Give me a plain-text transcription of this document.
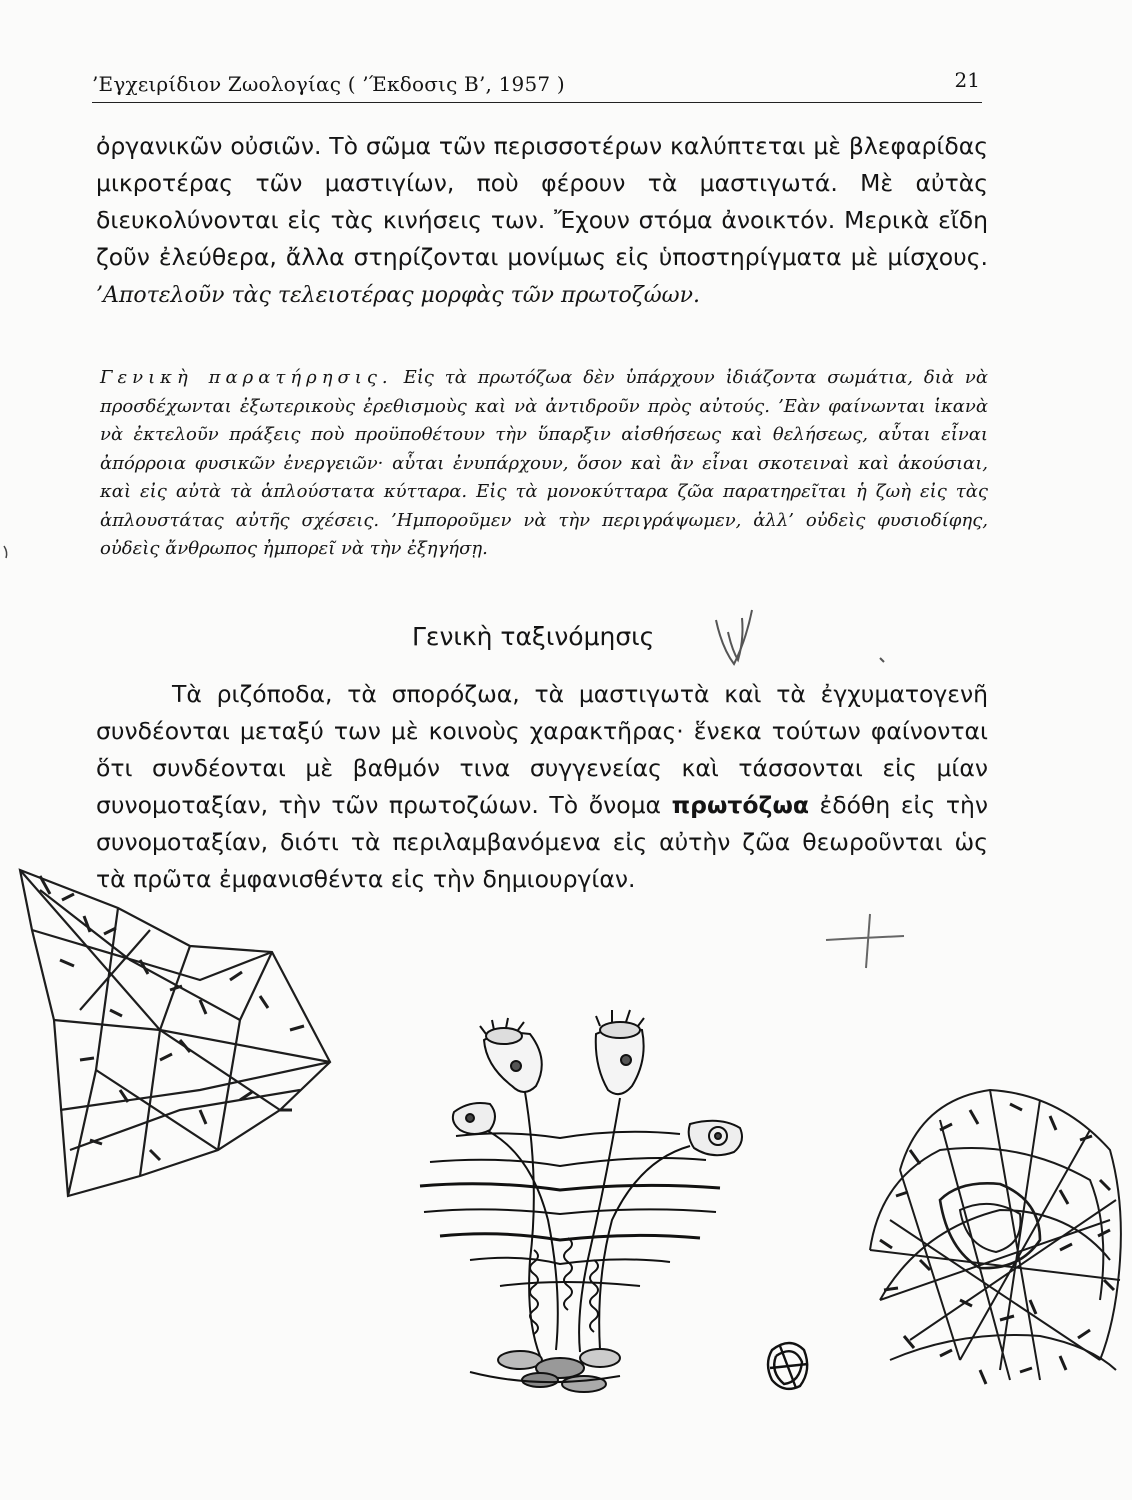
’Εγχειρίδιον Ζωολογίας ( ’Έκδοσις Β’, 1957 )	21

ὀργανικῶν οὐσιῶν. Τὸ σῶμα τῶν περισσοτέρων καλύπτεται μὲ βλεφαρίδας μικροτέρας τῶν μαστιγίων, ποὺ φέρουν τὰ μαστιγωτά. Μὲ αὐτὰς διευκολύνονται εἰς τὰς κινήσεις των. Ἔχουν στόμα ἀνοικτόν. Μερικὰ εἴδη ζοῦν ἐλεύθερα, ἄλλα στηρίζονται μονίμως εἰς ὑποστηρίγματα μὲ μίσχους. ’Αποτελοῦν τὰς τελειοτέρας μορφὰς τῶν πρωτοζώων.

Γενικὴ παρατήρησις. Εἰς τὰ πρωτόζωα δὲν ὑπάρχουν ἰδιάζοντα σωμάτια, διὰ νὰ προσδέχωνται ἐξωτερικοὺς ἐρεθισμοὺς καὶ νὰ ἀντιδροῦν πρὸς αὐτούς. ’Εὰν φαίνωνται ἱκανὰ νὰ ἐκτελοῦν πράξεις ποὺ προϋποθέτουν τὴν ὕπαρξιν αἰσθήσεως καὶ θελήσεως, αὗται εἶναι ἀπόρροια φυσικῶν ἐνεργειῶν· αὗται ἐνυπάρχουν, ὅσον καὶ ἂν εἶναι σκοτειναὶ καὶ ἀκούσιαι, καὶ εἰς αὐτὰ τὰ ἁπλούστατα κύτταρα. Εἰς τὰ μονοκύτταρα ζῶα παρατηρεῖται ἡ ζωὴ εἰς τὰς ἁπλουστάτας αὐτῆς σχέσεις. ’Ημποροῦμεν νὰ τὴν περιγράψωμεν, ἀλλ’ οὐδεὶς φυσιοδίφης, οὐδεὶς ἄνθρωπος ἠμπορεῖ νὰ τὴν ἐξηγήσῃ.
Γενικὴ ταξινόμησις

Τὰ ριζόποδα, τὰ σπορόζωα, τὰ μαστιγωτὰ καὶ τὰ ἐγχυματογενῆ συνδέονται μεταξύ των μὲ κοινοὺς χαρακτῆρας· ἕνεκα τούτων φαίνονται ὅτι συνδέονται μὲ βαθμόν τινα συγγενείας καὶ τάσσονται εἰς μίαν συνομοταξίαν, τὴν τῶν πρωτοζώων. Τὸ ὄνομα πρωτόζωα ἐδόθη εἰς τὴν συνομοταξίαν, διότι τὰ περιλαμβανόμενα εἰς αὐτὴν ζῶα θεωροῦνται ὡς τὰ πρῶτα ἐμφανισθέντα εἰς τὴν δημιουργίαν.
